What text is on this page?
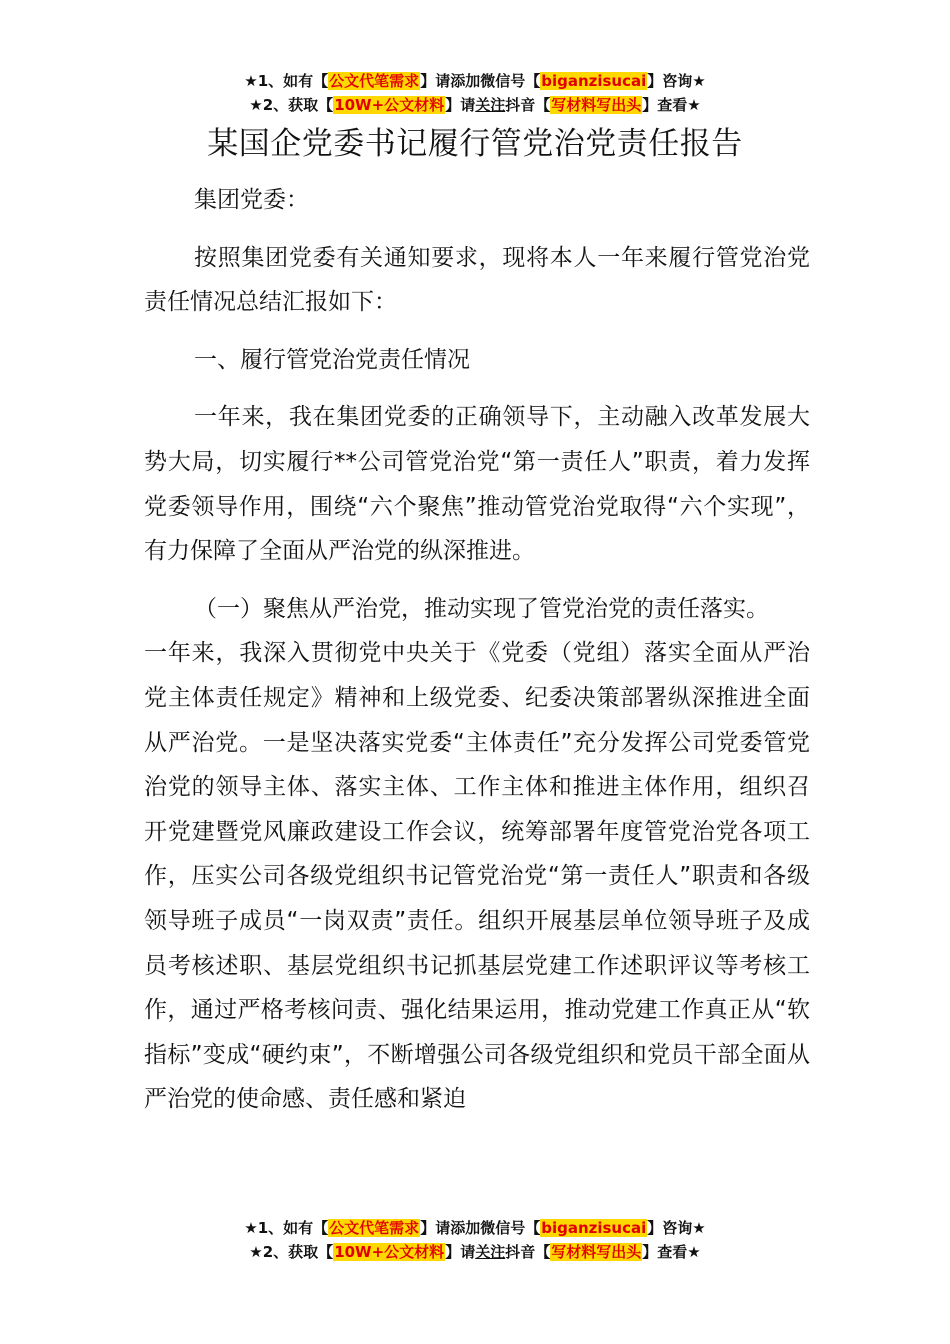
★1、如有【公文代笔需求】请添加微信号【biganzisucai】咨询★
★2、获取【10W+公文材料】请关注抖音【写材料写出头】查看★
某国企党委书记履行管党治党责任报告

集团党委：

按照集团党委有关通知要求，现将本人一年来履行管党治党责任情况总结汇报如下：

一、履行管党治党责任情况

一年来，我在集团党委的正确领导下，主动融入改革发展大势大局，切实履行**公司管党治党“第一责任人”职责，着力发挥党委领导作用，围绕“六个聚焦”推动管党治党取得“六个实现”，有力保障了全面从严治党的纵深推进。

（一）聚焦从严治党，推动实现了管党治党的责任落实。

一年来，我深入贯彻党中央关于《党委（党组）落实全面从严治党主体责任规定》精神和上级党委、纪委决策部署纵深推进全面从严治党。一是坚决落实党委“主体责任”充分发挥公司党委管党治党的领导主体、落实主体、工作主体和推进主体作用，组织召开党建暨党风廉政建设工作会议，统筹部署年度管党治党各项工作，压实公司各级党组织书记管党治党“第一责任人”职责和各级领导班子成员“一岗双责”责任。组织开展基层单位领导班子及成员考核述职、基层党组织书记抓基层党建工作述职评议等考核工作，通过严格考核问责、强化结果运用，推动党建工作真正从“软指标”变成“硬约束”，不断增强公司各级党组织和党员干部全面从严治党的使命感、责任感和紧迫

★1、如有【公文代笔需求】请添加微信号【biganzisucai】咨询★
★2、获取【10W+公文材料】请关注抖音【写材料写出头】查看★
